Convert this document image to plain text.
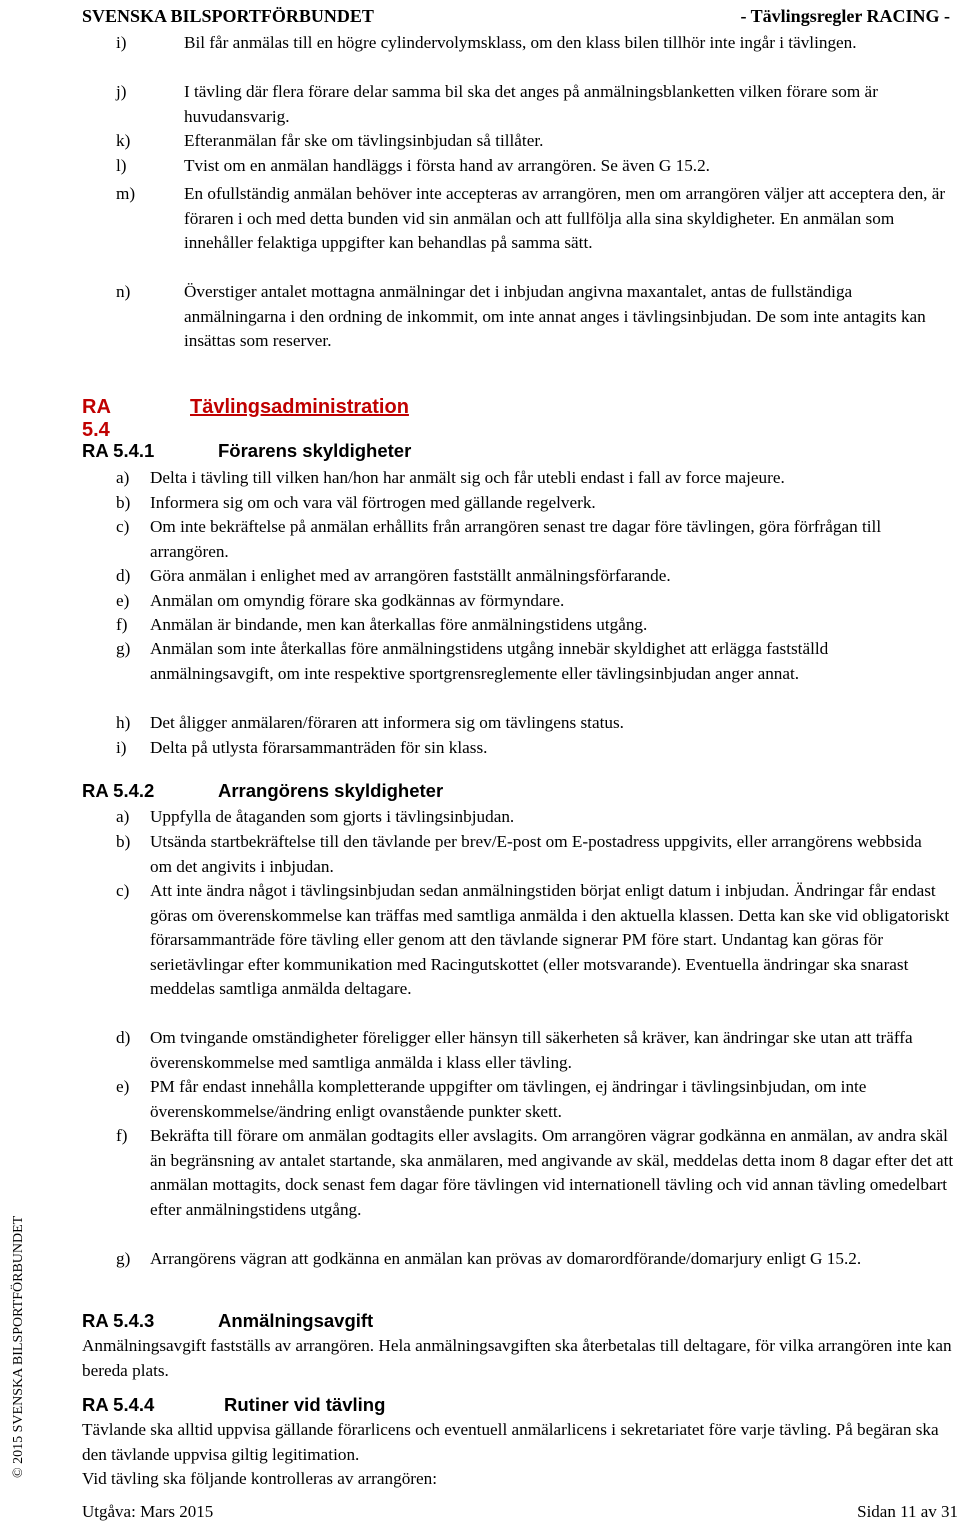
SVENSKA BILSPORTFÖRBUNDET	- Tävlingsregler RACING -
i)	Bil får anmälas till en högre cylindervolymsklass, om den klass bilen tillhör inte ingår i tävlingen.
j)	I tävling där flera förare delar samma bil ska det anges på anmälningsblanketten vilken förare som är huvudansvarig.
k)	Efteranmälan får ske om tävlingsinbjudan så tillåter.
l)	Tvist om en anmälan handläggs i första hand av arrangören. Se även G 15.2.
m)	En ofullständig anmälan behöver inte accepteras av arrangören, men om arrangören väljer att acceptera den, är föraren i och med detta bunden vid sin anmälan och att fullfölja alla sina skyldigheter. En anmälan som innehåller felaktiga uppgifter kan behandlas på samma sätt.
n)	Överstiger antalet mottagna anmälningar det i inbjudan angivna maxantalet, antas de fullständiga anmälningarna i den ordning de inkommit, om inte annat anges i tävlingsinbjudan. De som inte antagits kan insättas som reserver.
RA 5.4
Tävlingsadministration
RA 5.4.1	Förarens skyldigheter
a) Delta i tävling till vilken han/hon har anmält sig och får utebli endast i fall av force majeure.
b) Informera sig om och vara väl förtrogen med gällande regelverk.
c) Om inte bekräftelse på anmälan erhållits från arrangören senast tre dagar före tävlingen, göra förfrågan till arrangören.
d) Göra anmälan i enlighet med av arrangören fastställt anmälningsförfarande.
e) Anmälan om omyndig förare ska godkännas av förmyndare.
f) Anmälan är bindande, men kan återkallas före anmälningstidens utgång.
g) Anmälan som inte återkallas före anmälningstidens utgång innebär skyldighet att erlägga fastställd anmälningsavgift, om inte respektive sportgrensreglemente eller tävlingsinbjudan anger annat.
h) Det åligger anmälaren/föraren att informera sig om tävlingens status.
i) Delta på utlysta förarsammanträden för sin klass.
RA 5.4.2	Arrangörens skyldigheter
a) Uppfylla de åtaganden som gjorts i tävlingsinbjudan.
b) Utsända startbekräftelse till den tävlande per brev/E-post om E-postadress uppgivits, eller arrangörens webbsida om det angivits i inbjudan.
c) Att inte ändra något i tävlingsinbjudan sedan anmälningstiden börjat enligt datum i inbjudan. Ändringar får endast göras om överenskommelse kan träffas med samtliga anmälda i den aktuella klassen. Detta kan ske vid obligatoriskt förarsammanträde före tävling eller genom att den tävlande signerar PM före start. Undantag kan göras för serietävlingar efter kommunikation med Racingutskottet (eller motsvarande). Eventuella ändringar ska snarast meddelas samtliga anmälda deltagare.
d) Om tvingande omständigheter föreligger eller hänsyn till säkerheten så kräver, kan ändringar ske utan att träffa överenskommelse med samtliga anmälda i klass eller tävling.
e) PM får endast innehålla kompletterande uppgifter om tävlingen, ej ändringar i tävlingsinbjudan, om inte överenskommelse/ändring enligt ovanstående punkter skett.
f) Bekräfta till förare om anmälan godtagits eller avslagits. Om arrangören vägrar godkänna en anmälan, av andra skäl än begränsning av antalet startande, ska anmälaren, med angivande av skäl, meddelas detta inom 8 dagar efter det att anmälan mottagits, dock senast fem dagar före tävlingen vid internationell tävling och vid annan tävling omedelbart efter anmälningstidens utgång.
g) Arrangörens vägran att godkänna en anmälan kan prövas av domarordförande/domarjury enligt G 15.2.
RA 5.4.3	Anmälningsavgift
Anmälningsavgift fastställs av arrangören. Hela anmälningsavgiften ska återbetalas till deltagare, för vilka arrangören inte kan bereda plats.
RA 5.4.4	Rutiner vid tävling
Tävlande ska alltid uppvisa gällande förarlicens och eventuell anmälarlicens i sekretariatet före varje tävling. På begäran ska den tävlande uppvisa giltig legitimation.
Vid tävling ska följande kontrolleras av arrangören:
© 2015 SVENSKA BILSPORTFÖRBUNDET
Utgåva: Mars 2015	Sidan 11 av 31
